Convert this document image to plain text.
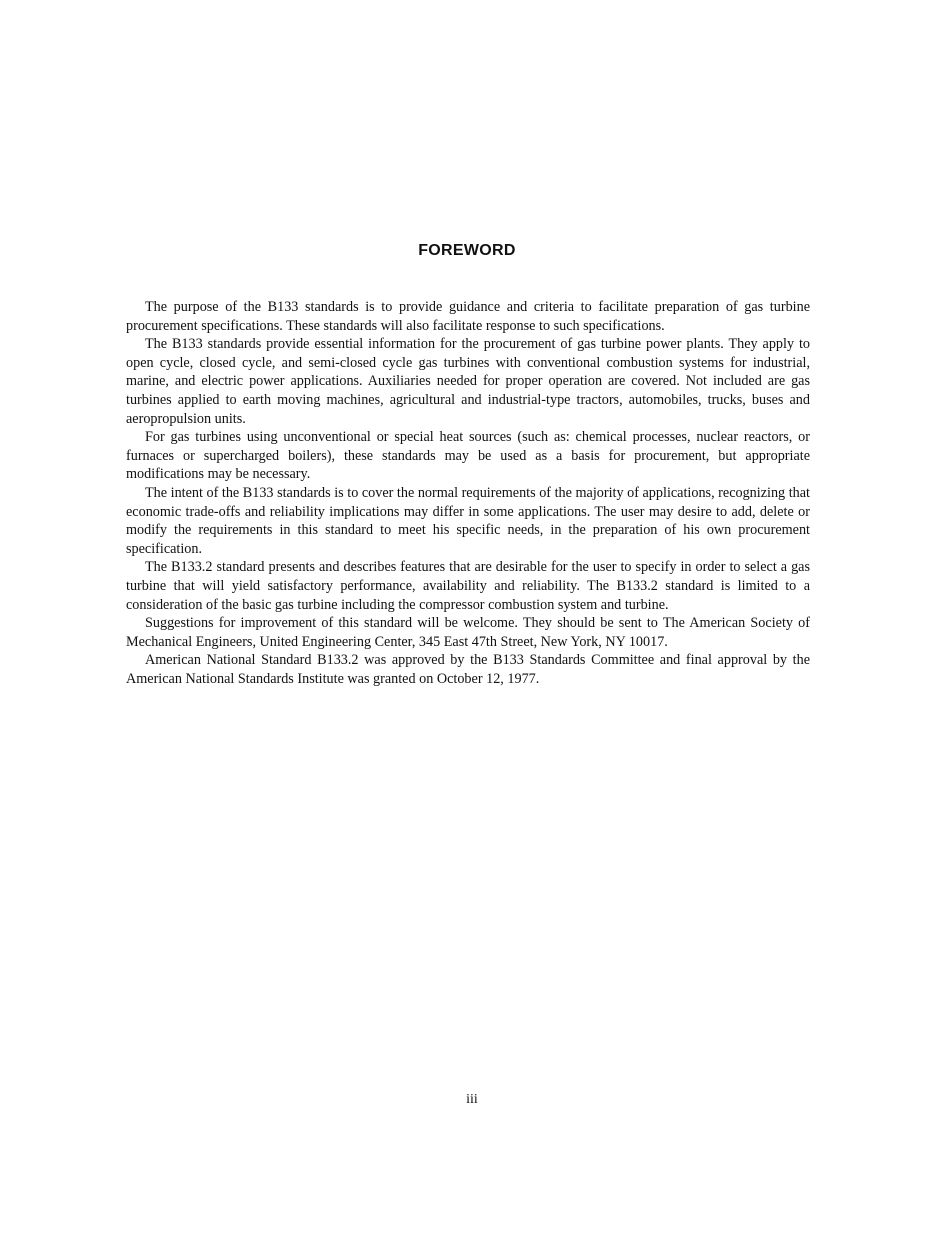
FOREWORD

The purpose of the B133 standards is to provide guidance and criteria to facilitate preparation of gas turbine procurement specifications. These standards will also facilitate response to such specifications.

The B133 standards provide essential information for the procurement of gas turbine power plants. They apply to open cycle, closed cycle, and semi-closed cycle gas turbines with conventional combustion systems for industrial, marine, and electric power applications. Auxiliaries needed for proper operation are covered. Not included are gas turbines applied to earth moving machines, agricultural and industrial-type tractors, automobiles, trucks, buses and aeropropulsion units.

For gas turbines using unconventional or special heat sources (such as: chemical processes, nuclear reactors, or furnaces or supercharged boilers), these standards may be used as a basis for procurement, but appropriate modifications may be necessary.

The intent of the B133 standards is to cover the normal requirements of the majority of applications, recognizing that economic trade-offs and reliability implications may differ in some applications. The user may desire to add, delete or modify the requirements in this standard to meet his specific needs, in the preparation of his own procurement specification.

The B133.2 standard presents and describes features that are desirable for the user to specify in order to select a gas turbine that will yield satisfactory performance, availability and reliability. The B133.2 standard is limited to a consideration of the basic gas turbine including the compressor combustion system and turbine.

Suggestions for improvement of this standard will be welcome. They should be sent to The American Society of Mechanical Engineers, United Engineering Center, 345 East 47th Street, New York, NY 10017.

American National Standard B133.2 was approved by the B133 Standards Committee and final approval by the American National Standards Institute was granted on October 12, 1977.

iii
